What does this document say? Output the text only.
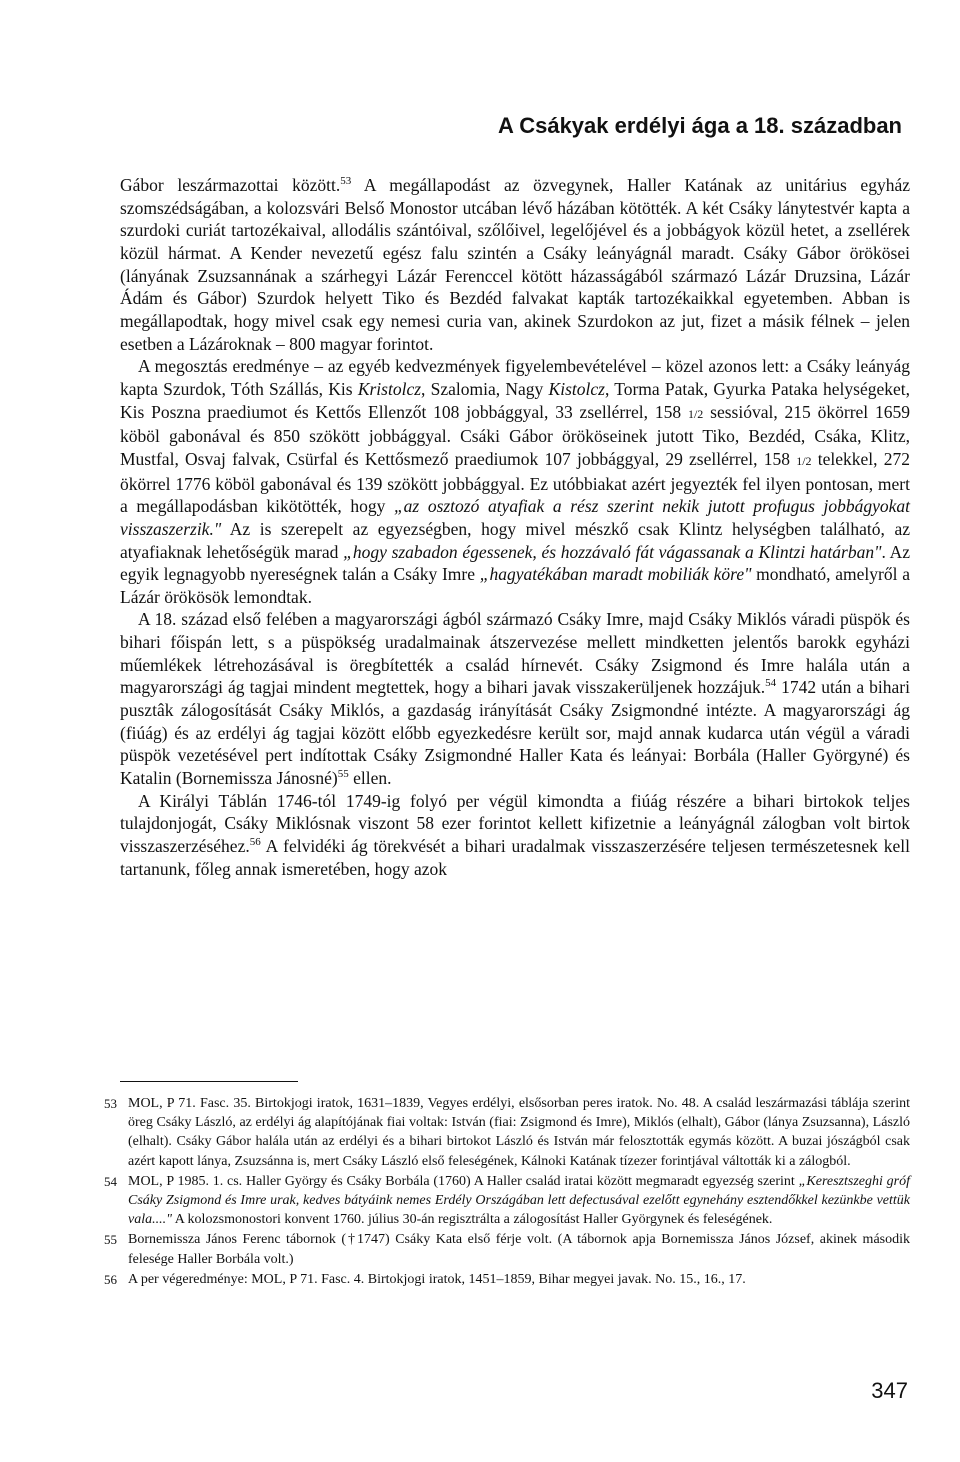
A Csákyak erdélyi ága a 18. században

Gábor leszármazottai között.$^{53}$ A megállapodást az özvegynek, Haller Katának az unitárius egyház szomszédságában, a kolozsvári Belső Monostor utcában lévő házában kötötték. A két Csáky lánytestvér kapta a szurdoki curiát tartozékaival, allodális szántóival, szőlőivel, legelőjével és a jobbágyok közül hetet, a zsellérek közül hármat. A Kender nevezetű egész falu szintén a Csáky leányágnál maradt. Csáky Gábor örökösei (lányának Zsuzsannának a szárhegyi Lázár Ferenccel kötött házasságából származó Lázár Druzsina, Lázár Ádám és Gábor) Szurdok helyett Tiko és Bezdéd falvakat kapták tartozékaikkal egyetemben. Abban is megállapodtak, hogy mivel csak egy nemesi curia van, akinek Szurdokon az jut, fizet a másik félnek – jelen esetben a Lázároknak – 800 magyar forintot.

A megosztás eredménye – az egyéb kedvezmények figyelembevételével – közel azonos lett: a Csáky leányág kapta Szurdok, Tóth Szállás, Kis Kristolcz, Szalomia, Nagy Kistolcz, Torma Patak, Gyurka Pataka helységeket, Kis Poszna praediumot és Kettős Ellenzőt 108 jobbággyal, 33 zsellérrel, 158 1/2 sessióval, 215 ökörrel 1659 köböl gabonával és 850 szökött jobbággyal. Csáki Gábor örököseinek jutott Tiko, Bezdéd, Csáka, Klitz, Mustfal, Osvaj falvak, Csürfal és Kettősmező praediumok 107 jobbággyal, 29 zsellérrel, 158 1/2 telekkel, 272 ökörrel 1776 köböl gabonával és 139 szökött jobbággyal. Ez utóbbiakat azért jegyezték fel ilyen pontosan, mert a megállapodásban kikötötték, hogy „az osztozó atyafiak a rész szerint nekik jutott profugus jobbágyokat visszaszerzik." Az is szerepelt az egyezségben, hogy mivel mészkő csak Klintz helységben található, az atyafiaknak lehetőségük marad „hogy szabadon égessenek, és hozzávaló fát vágassanak a Klintzi határban". Az egyik legnagyobb nyereségnek talán a Csáky Imre „hagyatékában maradt mobiliák köre" mondható, amelyről a Lázár örökösök lemondtak.

A 18. század első felében a magyarországi ágból származó Csáky Imre, majd Csáky Miklós váradi püspök és bihari főispán lett, s a püspökség uradalmainak átszervezése mellett mindketten jelentős barokk egyházi műemlékek létrehozásával is öregbítették a család hírnevét. Csáky Zsigmond és Imre halála után a magyarországi ág tagjai mindent megtettek, hogy a bihari javak visszakerüljenek hozzájuk.$^{54}$ 1742 után a bihari pusztâk zálogosítását Csáky Miklós, a gazdaság irányítását Csáky Zsigmondné intézte. A magyarországi ág (fiúág) és az erdélyi ág tagjai között előbb egyezkedésre került sor, majd annak kudarca után végül a váradi püspök vezetésével pert indítottak Csáky Zsigmondné Haller Kata és leányai: Borbála (Haller Györgyné) és Katalin (Bornemissza Jánosné)$^{55}$ ellen.

A Királyi Táblán 1746-tól 1749-ig folyó per végül kimondta a fiúág részére a bihari birtokok teljes tulajdonjogát, Csáky Miklósnak viszont 58 ezer forintot kellett kifizetnie a leányágnál zálogban volt birtok visszaszerzéséhez.$^{56}$ A felvidéki ág törekvését a bihari uradalmak visszaszerzésére teljesen természetesnek kell tartanunk, főleg annak ismeretében, hogy azok

53 MOL, P 71. Fasc. 35. Birtokjogi iratok, 1631–1839, Vegyes erdélyi, elsősorban peres iratok. No. 48. A család leszármazási táblája szerint öreg Csáky László, az erdélyi ág alapítójának fiai voltak: István (fiai: Zsigmond és Imre), Miklós (elhalt), Gábor (lánya Zsuzsanna), László (elhalt). Csáky Gábor halála után az erdélyi és a bihari birtokot László és István már felosztották egymás között. A buzai jószágból csak azért kapott lánya, Zsuzsánna is, mert Csáky László első feleségének, Kálnoki Katának tízezer forintjával váltották ki a zálogból.
54 MOL, P 1985. 1. cs. Haller György és Csáky Borbála (1760) A Haller család iratai között megmaradt egyezség szerint „Keresztszeghi gróf Csáky Zsigmond és Imre urak, kedves bátyáink nemes Erdély Országában lett defectusával ezelőtt egynehány esztendőkkel kezünkbe vettük vala...." A kolozsmonostori konvent 1760. július 30-án regisztrálta a zálogosítást Haller Györgynek és feleségének.
55 Bornemissza János Ferenc tábornok (†1747) Csáky Kata első férje volt. (A tábornok apja Bornemissza János József, akinek második felesége Haller Borbála volt.)
56 A per végeredménye: MOL, P 71. Fasc. 4. Birtokjogi iratok, 1451–1859, Bihar megyei javak. No. 15., 16., 17.
347
